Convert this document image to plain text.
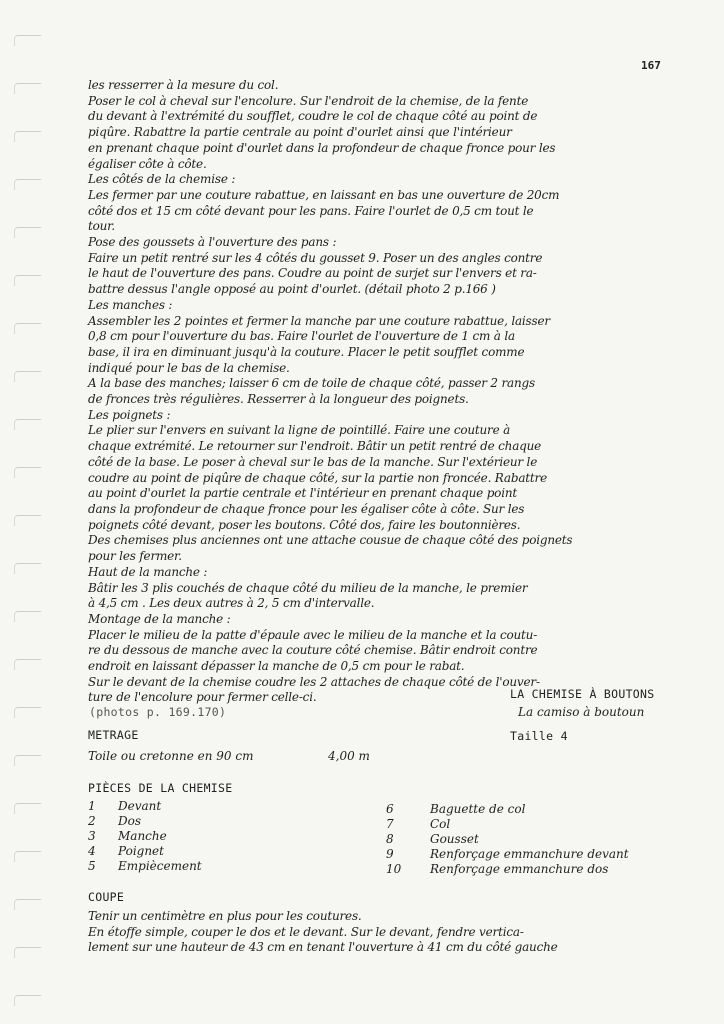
167

les resserrer à la mesure du col.

Poser le col à cheval sur l'encolure. Sur l'endroit de la chemise, de la fente

du devant à l'extrémité du soufflet, coudre le col de chaque côté au point de

piqûre. Rabattre la partie centrale au point d'ourlet ainsi que l'intérieur

en prenant chaque point d'ourlet dans la profondeur de chaque fronce pour les

égaliser côte à côte.

Les côtés de la chemise :

Les fermer par une couture rabattue, en laissant en bas une ouverture de 20cm

côté dos et 15 cm côté devant pour les pans. Faire l'ourlet de 0,5 cm tout le

tour.

Pose des goussets à l'ouverture des pans :

Faire un petit rentré sur les 4 côtés du gousset 9. Poser un des angles contre

le haut de l'ouverture des pans. Coudre au point de surjet sur l'envers et ra-

battre dessus l'angle opposé au point d'ourlet. (détail photo 2 p.166 )

Les manches :

Assembler les 2 pointes et fermer la manche par une couture rabattue, laisser

0,8 cm pour l'ouverture du bas. Faire l'ourlet de l'ouverture de 1 cm à la

base, il ira en diminuant jusqu'à la couture. Placer le petit soufflet comme

indiqué pour le bas de la chemise.

A la base des manches; laisser 6 cm de toile de chaque côté, passer 2 rangs

de fronces très régulières. Resserrer à la longueur des poignets.

Les poignets :

Le plier sur l'envers en suivant la ligne de pointillé. Faire une couture à

chaque extrémité. Le retourner sur l'endroit. Bâtir un petit rentré de chaque

côté de la base. Le poser à cheval sur le bas de la manche. Sur l'extérieur le

coudre au point de piqûre de chaque côté, sur la partie non froncée. Rabattre

au point d'ourlet la partie centrale et l'intérieur en prenant chaque point

dans la profondeur de chaque fronce pour les égaliser côte à côte. Sur les

poignets côté devant, poser les boutons. Côté dos, faire les boutonnières.

Des chemises plus anciennes ont une attache cousue de chaque côté des poignets

pour les fermer.

Haut de la manche :

Bâtir les 3 plis couchés de chaque côté du milieu de la manche, le premier

à 4,5 cm . Les deux autres à 2, 5 cm d'intervalle.

Montage de la manche :

Placer le milieu de la patte d'épaule avec le milieu de la manche et la coutu-

re du dessous de manche avec la couture côté chemise. Bâtir endroit contre

endroit en laissant dépasser la manche de 0,5 cm pour le rabat.

Sur le devant de la chemise coudre les 2 attaches de chaque côté de l'ouver-

ture de l'encolure pour fermer celle-ci.	LA CHEMISE À BOUTONS
La camiso à boutoun
(photos p. 169.170)
Taille 4
METRAGE
Toile ou cretonne en 90 cm	4,00 m
PIÈCES DE LA CHEMISE
1 Devant
2 Dos
3 Manche
4 Poignet
5 Empiècement
6	Baguette de col
7	Col
8	Gousset
9	Renforçage emmanchure devant
10 Renforçage emmanchure dos
COUPE

Tenir un centimètre en plus pour les coutures.

En étoffe simple, couper le dos et le devant. Sur le devant, fendre vertica-

lement sur une hauteur de 43 cm en tenant l'ouverture à 41 cm du côté gauche
